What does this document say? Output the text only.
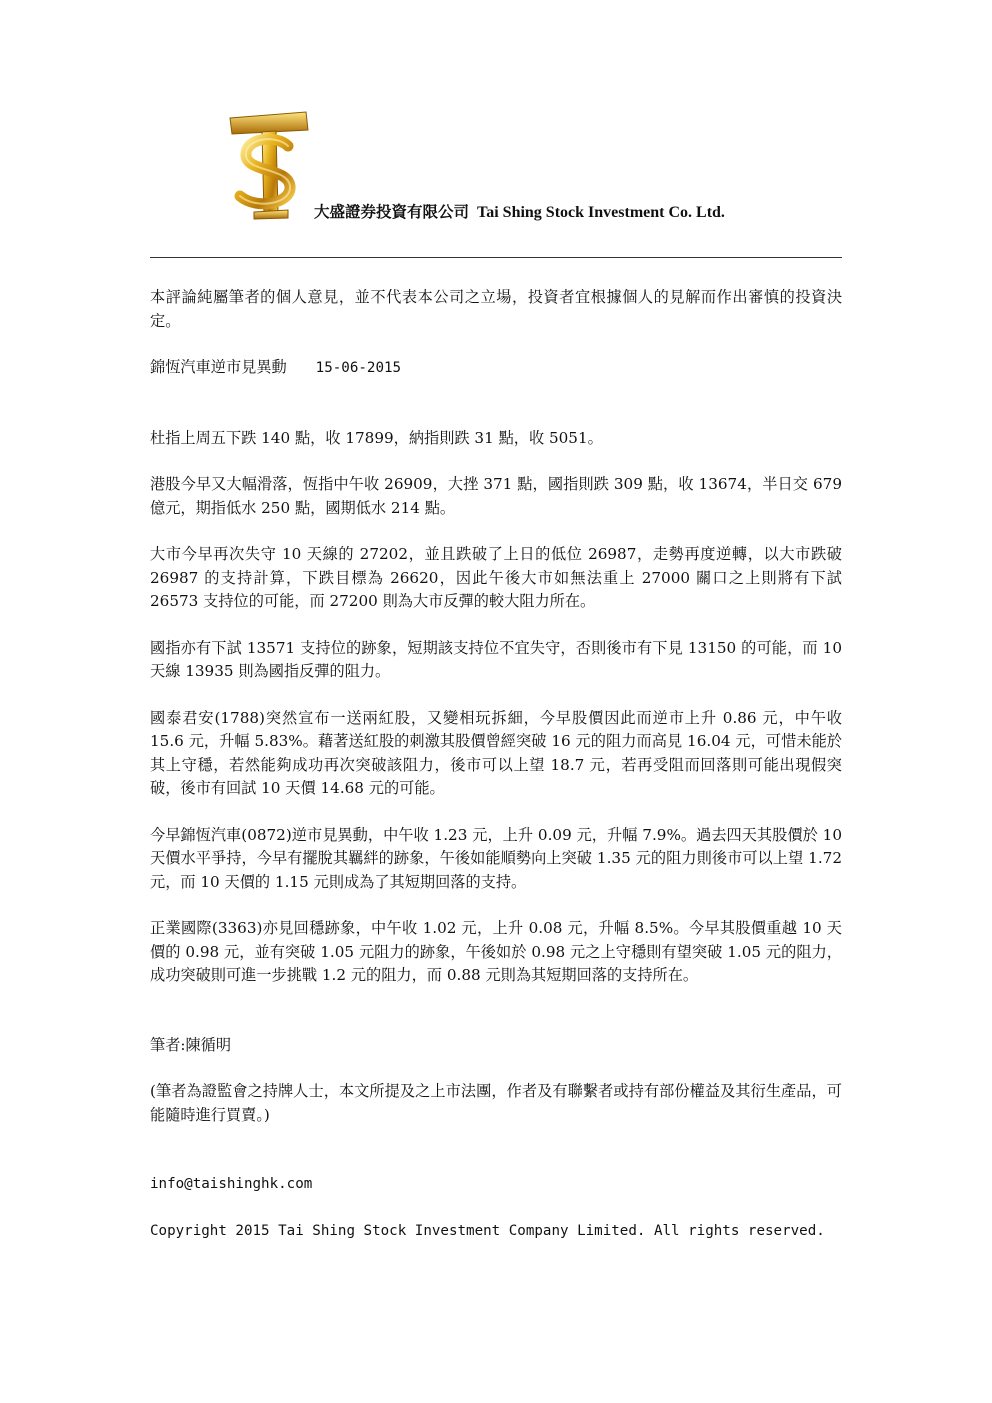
大盛證券投資有限公司 Tai Shing Stock Investment Co. Ltd.

本評論純屬筆者的個人意見，並不代表本公司之立場，投資者宜根據個人的見解而作出審慎的投資決定。

錦恆汽車逆市見異動 15-06-2015

杜指上周五下跌 140 點，收 17899，納指則跌 31 點，收 5051。

港股今早又大幅滑落，恆指中午收 26909，大挫 371 點，國指則跌 309 點，收 13674，半日交 679 億元，期指低水 250 點，國期低水 214 點。

大市今早再次失守 10 天線的 27202，並且跌破了上日的低位 26987，走勢再度逆轉，以大市跌破 26987 的支持計算，下跌目標為 26620，因此午後大市如無法重上 27000 關口之上則將有下試 26573 支持位的可能，而 27200 則為大市反彈的較大阻力所在。

國指亦有下試 13571 支持位的跡象，短期該支持位不宜失守，否則後市有下見 13150 的可能，而 10 天線 13935 則為國指反彈的阻力。

國泰君安(1788)突然宣布一送兩紅股，又變相玩拆細，今早股價因此而逆市上升 0.86 元，中午收 15.6 元，升幅 5.83%。藉著送紅股的刺激其股價曾經突破 16 元的阻力而高見 16.04 元，可惜未能於其上守穩，若然能夠成功再次突破該阻力，後市可以上望 18.7 元，若再受阻而回落則可能出現假突破，後市有回試 10 天價 14.68 元的可能。

今早錦恆汽車(0872)逆市見異動，中午收 1.23 元，上升 0.09 元，升幅 7.9%。過去四天其股價於 10 天價水平爭持，今早有擺脫其羈絆的跡象，午後如能順勢向上突破 1.35 元的阻力則後市可以上望 1.72 元，而 10 天價的 1.15 元則成為了其短期回落的支持。

正業國際(3363)亦見回穩跡象，中午收 1.02 元，上升 0.08 元，升幅 8.5%。今早其股價重越 10 天價的 0.98 元，並有突破 1.05 元阻力的跡象，午後如於 0.98 元之上守穩則有望突破 1.05 元的阻力，成功突破則可進一步挑戰 1.2 元的阻力，而 0.88 元則為其短期回落的支持所在。

筆者:陳循明

(筆者為證監會之持牌人士，本文所提及之上市法團，作者及有聯繫者或持有部份權益及其衍生產品，可能隨時進行買賣。)

info@taishinghk.com

Copyright 2015 Tai Shing Stock Investment Company Limited. All rights reserved.
